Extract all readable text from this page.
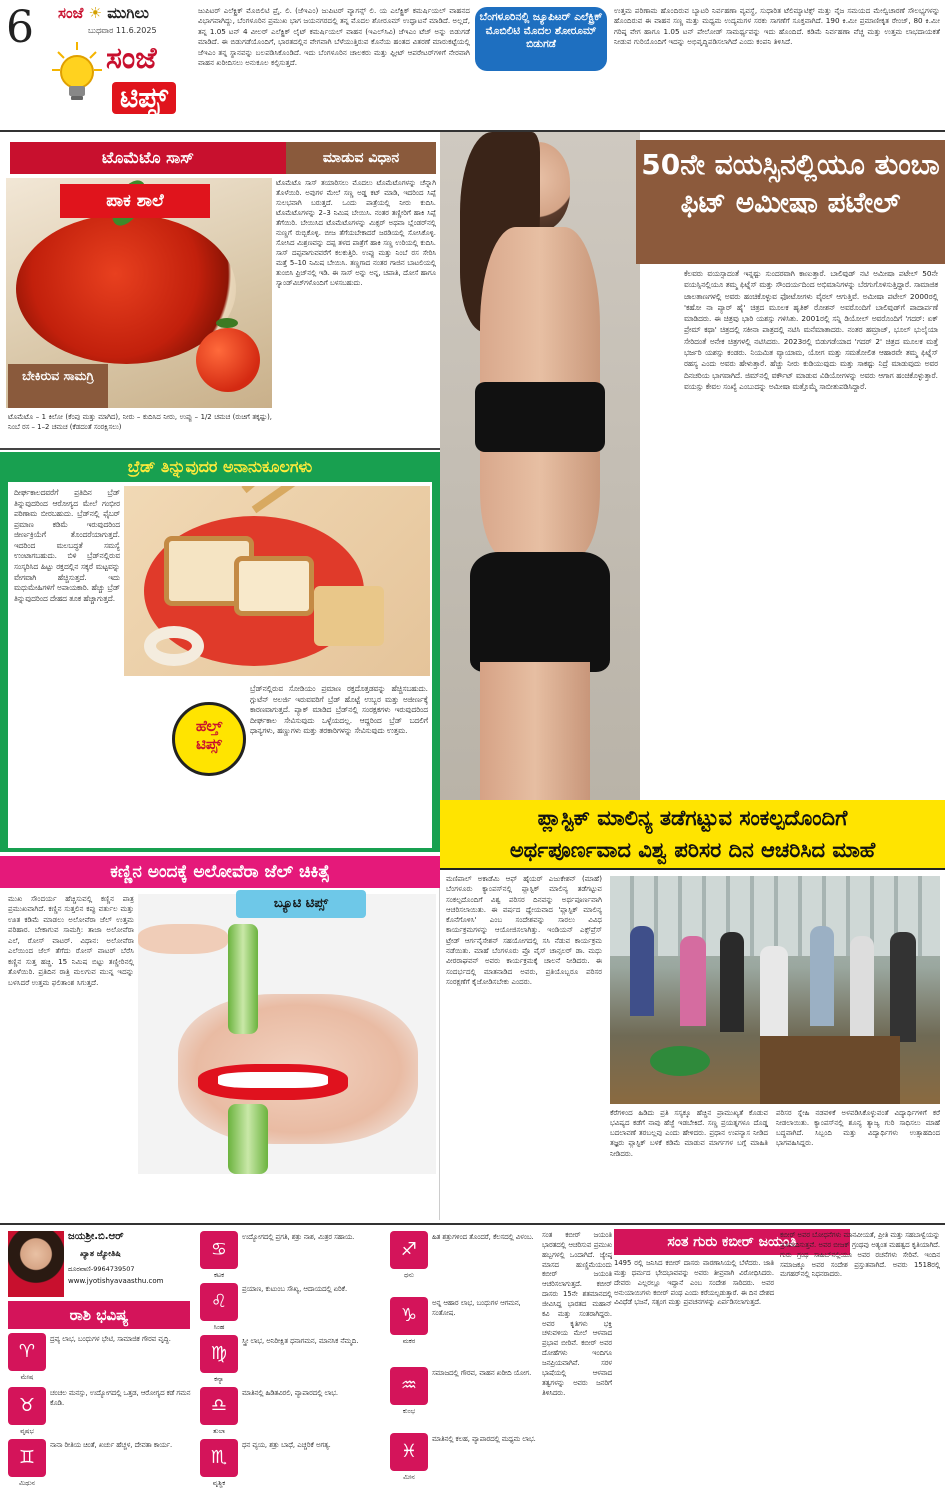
6 ಸಂಜೆ ☀ ಮುಗಿಲು
ಬುಧವಾರ 11.6.2025
ಸಂಜೆ
ಟಿಪ್ಸ್
ಜುಪಿಟರ್ ಎಲೆಕ್ಟ್ರಿಕ್ ಮೊಬಿಲಿಟಿ ಪ್ರೈ. ಲಿ. (ಜೆಇಎಂ) ಜುಪಿಟರ್ ವ್ಯಾಗನ್ಸ್ ಲಿ. ಯ ಎಲೆಕ್ಟ್ರಿಕ್ ಕಮರ್ಷಿಯಲ್ ವಾಹನದ ವಿಭಾಗವಾಗಿದ್ದು, ಬೆಂಗಳೂರಿನ ಪ್ರಮುಖ ಭಾಗ ಜಯನಗರದಲ್ಲಿ ತನ್ನ ಮೊದಲ ಶೋರೂಮ್ ಉದ್ಘಾಟನೆ ಮಾಡಿದೆ. ಅಲ್ಲದೆ, ತನ್ನ 1.05 ಟನ್ 4 ವೀಲರ್ ಎಲೆಕ್ಟ್ರಿಕ್ ಲೈಟ್ ಕಮರ್ಷಿಯಲ್ ವಾಹನ (ಇಎಲ್‌ಸಿವಿ) ಜೆಇಎಂ ಟೆಜ್ ಅನ್ನು ಬಿಡುಗಡೆ ಮಾಡಿದೆ. ಈ ಬಿಡುಗಡೆಯೊಂದಿಗೆ, ಭಾರತದಲ್ಲಿನ ವೇಗವಾಗಿ ಬೆಳೆಯುತ್ತಿರುವ ಕೊನೆಯ ಹಂತದ ವಿತರಣೆ ಮಾರುಕಟ್ಟೆಯಲ್ಲಿ ಜೆಇಎಂ ತನ್ನ ಸ್ಥಾನವನ್ನು ಬಲಪಡಿಸಿಕೊಂಡಿದೆ. ಇದು ಬೆಂಗಳೂರಿನ ಚಾಲಕರು ಮತ್ತು ಫ್ಲೀಟ್ ಆಪರೇಟರ್‌ಗಳಿಗೆ ನೇರವಾಗಿ ವಾಹನ ಖರೀದಿಸಲು ಅನುಕೂಲ ಕಲ್ಪಿಸುತ್ತದೆ.
ಬೆಂಗಳೂರಿನಲ್ಲಿ ಜ್ಯೂಪಿಟರ್ ಎಲೆಕ್ಟ್ರಿಕ್ ಮೊಬಿಲಿಟಿ ಮೊದಲ ಶೋರೂಮ್ ಬಿಡುಗಡೆ
ಉತ್ತಮ ಪರಿಣಾಮ ಹೊಂದಿರುವ ಬ್ಯಾಟರಿ ನಿರ್ವಹಣಾ ವ್ಯವಸ್ಥೆ, ಸುಧಾರಿತ ಟೆಲಿಮ್ಯಾಟಿಕ್ಸ್ ಮತ್ತು ನೈಜ ಸಮಯದ ಮೇಲ್ವಿಚಾರಣೆ ಸೌಲಭ್ಯಗಳನ್ನು ಹೊಂದಿರುವ ಈ ವಾಹನ ಸಣ್ಣ ಮತ್ತು ಮಧ್ಯಮ ಉದ್ಯಮಗಳ ಸರಕು ಸಾಗಣೆಗೆ ಸೂಕ್ತವಾಗಿದೆ. 190 ಕಿ.ಮೀ ಪ್ರಮಾಣೀಕೃತ ರೇಂಜ್, 80 ಕಿ.ಮೀ ಗರಿಷ್ಠ ವೇಗ ಹಾಗೂ 1.05 ಟನ್ ಪೇಲೋಡ್ ಸಾಮರ್ಥ್ಯವನ್ನು ಇದು ಹೊಂದಿದೆ. ಕಡಿಮೆ ನಿರ್ವಹಣಾ ವೆಚ್ಚ ಮತ್ತು ಉತ್ತಮ ಲಾಭದಾಯಕತೆ ನೀಡುವ ಗುರಿಯೊಂದಿಗೆ ಇದನ್ನು ಅಭಿವೃದ್ಧಿಪಡಿಸಲಾಗಿದೆ ಎಂದು ಕಂಪನಿ ತಿಳಿಸಿದೆ.
ಟೊಮೆಟೊ ಸಾಸ್	ಮಾಡುವ ವಿಧಾನ
ಪಾಕ ಶಾಲೆ
ಬೇಕಿರುವ ಸಾಮಗ್ರಿ
ಟೊಮೆಟೊ ಸಾಸ್ ತಯಾರಿಸಲು ಮೊದಲು ಟೊಮೆಟೊಗಳನ್ನು ಚೆನ್ನಾಗಿ ತೊಳೆಯಿರಿ. ಅವುಗಳ ಮೇಲೆ ಸಣ್ಣ ಅಡ್ಡ ಕಟ್ ಮಾಡಿ, ಇದರಿಂದ ಸಿಪ್ಪೆ ಸುಲಭವಾಗಿ ಬರುತ್ತದೆ. ಒಂದು ಪಾತ್ರೆಯಲ್ಲಿ ನೀರು ಕುದಿಸಿ. ಟೊಮೆಟೊಗಳನ್ನು 2–3 ನಿಮಿಷ ಬೇಯಿಸಿ. ನಂತರ ತಣ್ಣೀರಿಗೆ ಹಾಕಿ ಸಿಪ್ಪೆ ತೆಗೆಯಿರಿ. ಬೇಯಿಸಿದ ಟೊಮೆಟೊಗಳನ್ನು ಮಿಕ್ಸರ್ ಅಥವಾ ಬ್ಲೆಂಡರ್‌ನಲ್ಲಿ ನುಣ್ಣಗೆ ರುಬ್ಬಿಕೊಳ್ಳಿ. ಬೀಜ ತೆಗೆಯಬೇಕಾದರೆ ಜರಡಿಯಲ್ಲಿ ಸೋಸಿಕೊಳ್ಳಿ. ಸೋಸಿದ ಮಿಶ್ರಣವನ್ನು ದಪ್ಪ ತಳದ ಪಾತ್ರೆಗೆ ಹಾಕಿ ಸಣ್ಣ ಉರಿಯಲ್ಲಿ ಕುದಿಸಿ. ಸಾಸ್ ದಪ್ಪವಾಗುವವರೆಗೆ ಕಲಕುತ್ತಿರಿ. ಉಪ್ಪು ಮತ್ತು ನಿಂಬೆ ರಸ ಸೇರಿಸಿ ಮತ್ತೆ 5–10 ನಿಮಿಷ ಬೇಯಿಸಿ. ತಣ್ಣಗಾದ ನಂತರ ಗಾಜಿನ ಬಾಟಲಿಯಲ್ಲಿ ತುಂಬಿಸಿ ಫ್ರಿಜ್‌ನಲ್ಲಿ ಇಡಿ. ಈ ಸಾಸ್ ಅನ್ನು ಅನ್ನ, ಚಪಾತಿ, ದೋಸೆ ಹಾಗೂ ಸ್ಯಾಂಡ್‌ವಿಚ್‌ಗಳೊಂದಿಗೆ ಬಳಸಬಹುದು.
ಟೊಮೆಟೊ – 1 ಕಿಲೋ (ಕೆಂಪು ಮತ್ತು ಮಾಗಿದ), ನೀರು – ಕುದಿಸಿದ ನೀರು, ಉಪ್ಪು – 1/2 ಚಮಚ (ರುಚಿಗೆ ತಕ್ಕಷ್ಟು), ನಿಂಬೆ ರಸ – 1–2 ಚಮಚ (ಕೆಡದಂತೆ ಸಂರಕ್ಷಿಸಲು)
50ನೇ ವಯಸ್ಸಿನಲ್ಲಿಯೂ ತುಂಬಾ ಫಿಟ್ ಅಮೀಷಾ ಪಟೇಲ್
ಕೆಲವರು ವಯಸ್ಸಾದಂತೆ ಇನ್ನಷ್ಟು ಸುಂದರವಾಗಿ ಕಾಣುತ್ತಾರೆ. ಬಾಲಿವುಡ್ ನಟಿ ಅಮೀಷಾ ಪಟೇಲ್ 50ನೇ ವಯಸ್ಸಿನಲ್ಲಿಯೂ ತಮ್ಮ ಫಿಟ್ನೆಸ್ ಮತ್ತು ಸೌಂದರ್ಯದಿಂದ ಅಭಿಮಾನಿಗಳನ್ನು ಬೆರಗುಗೊಳಿಸುತ್ತಿದ್ದಾರೆ. ಸಾಮಾಜಿಕ ಜಾಲತಾಣಗಳಲ್ಲಿ ಅವರು ಹಂಚಿಕೊಳ್ಳುವ ಫೋಟೋಗಳು ವೈರಲ್ ಆಗುತ್ತಿವೆ. ಅಮೀಷಾ ಪಟೇಲ್ 2000ರಲ್ಲಿ 'ಕಹೋ ನಾ ಪ್ಯಾರ್ ಹೈ' ಚಿತ್ರದ ಮೂಲಕ ಹೃತಿಕ್ ರೋಶನ್ ಅವರೊಂದಿಗೆ ಬಾಲಿವುಡ್‌ಗೆ ಪಾದಾರ್ಪಣೆ ಮಾಡಿದರು. ಈ ಚಿತ್ರವು ಭಾರಿ ಯಶಸ್ಸು ಗಳಿಸಿತು. 2001ರಲ್ಲಿ ಸನ್ನಿ ಡಿಯೋಲ್ ಅವರೊಂದಿಗೆ 'ಗದರ್: ಏಕ್ ಪ್ರೇಮ್ ಕಥಾ' ಚಿತ್ರದಲ್ಲಿ ಸಕೀನಾ ಪಾತ್ರದಲ್ಲಿ ನಟಿಸಿ ಮನೆಮಾತಾದರು. ನಂತರ ಹಮ್ರಾಜ್, ಭೂಲ್ ಭುಲೈಯಾ ಸೇರಿದಂತೆ ಅನೇಕ ಚಿತ್ರಗಳಲ್ಲಿ ನಟಿಸಿದರು. 2023ರಲ್ಲಿ ಬಿಡುಗಡೆಯಾದ 'ಗದರ್ 2' ಚಿತ್ರದ ಮೂಲಕ ಮತ್ತೆ ಭರ್ಜರಿ ಯಶಸ್ಸು ಕಂಡರು. ನಿಯಮಿತ ವ್ಯಾಯಾಮ, ಯೋಗ ಮತ್ತು ಸಮತೋಲಿತ ಆಹಾರವೇ ತಮ್ಮ ಫಿಟ್ನೆಸ್ ರಹಸ್ಯ ಎಂದು ಅವರು ಹೇಳುತ್ತಾರೆ. ಹೆಚ್ಚು ನೀರು ಕುಡಿಯುವುದು ಮತ್ತು ಸಾಕಷ್ಟು ನಿದ್ರೆ ಮಾಡುವುದು ಅವರ ದಿನಚರಿಯ ಭಾಗವಾಗಿದೆ. ಜಿಮ್‌ನಲ್ಲಿ ವರ್ಕೌಟ್ ಮಾಡುವ ವಿಡಿಯೋಗಳನ್ನು ಅವರು ಆಗಾಗ ಹಂಚಿಕೊಳ್ಳುತ್ತಾರೆ. ವಯಸ್ಸು ಕೇವಲ ಸಂಖ್ಯೆ ಎಂಬುದನ್ನು ಅಮೀಷಾ ಮತ್ತೊಮ್ಮೆ ಸಾಬೀತುಪಡಿಸಿದ್ದಾರೆ.
ಬ್ರೆಡ್ ತಿನ್ನುವುದರ ಅನಾನುಕೂಲಗಳು
ದೀರ್ಘಕಾಲದವರೆಗೆ ಪ್ರತಿದಿನ ಬ್ರೆಡ್ ತಿನ್ನುವುದರಿಂದ ಆರೋಗ್ಯದ ಮೇಲೆ ಗಂಭೀರ ಪರಿಣಾಮ ಬೀರಬಹುದು. ಬ್ರೆಡ್‌ನಲ್ಲಿ ಫೈಬರ್ ಪ್ರಮಾಣ ಕಡಿಮೆ ಇರುವುದರಿಂದ ಜೀರ್ಣಕ್ರಿಯೆಗೆ ತೊಂದರೆಯಾಗುತ್ತದೆ. ಇದರಿಂದ ಮಲಬದ್ಧತೆ ಸಮಸ್ಯೆ ಉಂಟಾಗಬಹುದು. ಬಿಳಿ ಬ್ರೆಡ್‌ನಲ್ಲಿರುವ ಸಂಸ್ಕರಿಸಿದ ಹಿಟ್ಟು ರಕ್ತದಲ್ಲಿನ ಸಕ್ಕರೆ ಮಟ್ಟವನ್ನು ವೇಗವಾಗಿ ಹೆಚ್ಚಿಸುತ್ತದೆ. ಇದು ಮಧುಮೇಹಿಗಳಿಗೆ ಅಪಾಯಕಾರಿ. ಹೆಚ್ಚು ಬ್ರೆಡ್ ತಿನ್ನುವುದರಿಂದ ದೇಹದ ತೂಕ ಹೆಚ್ಚಾಗುತ್ತದೆ.
ಹೆಲ್ತ್
ಟಿಪ್ಸ್
ಬ್ರೆಡ್‌ನಲ್ಲಿರುವ ಸೋಡಿಯಂ ಪ್ರಮಾಣ ರಕ್ತದೊತ್ತಡವನ್ನು ಹೆಚ್ಚಿಸಬಹುದು. ಗ್ಲುಟೆನ್ ಅಲರ್ಜಿ ಇರುವವರಿಗೆ ಬ್ರೆಡ್ ಹೊಟ್ಟೆ ಉಬ್ಬರ ಮತ್ತು ಅಜೀರ್ಣಕ್ಕೆ ಕಾರಣವಾಗುತ್ತದೆ. ಪ್ಯಾಕ್ ಮಾಡಿದ ಬ್ರೆಡ್‌ನಲ್ಲಿ ಸಂರಕ್ಷಕಗಳು ಇರುವುದರಿಂದ ದೀರ್ಘಕಾಲ ಸೇವಿಸುವುದು ಒಳ್ಳೆಯದಲ್ಲ. ಆದ್ದರಿಂದ ಬ್ರೆಡ್ ಬದಲಿಗೆ ಧಾನ್ಯಗಳು, ಹಣ್ಣುಗಳು ಮತ್ತು ತರಕಾರಿಗಳನ್ನು ಸೇವಿಸುವುದು ಉತ್ತಮ.
ಕಣ್ಣಿನ ಅಂದಕ್ಕೆ ಅಲೋವೆರಾ ಜೆಲ್ ಚಿಕಿತ್ಸೆ
ಮುಖ ಸೌಂದರ್ಯ ಹೆಚ್ಚಿಸುವಲ್ಲಿ ಕಣ್ಣಿನ ಪಾತ್ರ ಪ್ರಮುಖವಾಗಿದೆ. ಕಣ್ಣಿನ ಸುತ್ತಲಿನ ಕಪ್ಪು ವರ್ತುಲ ಮತ್ತು ಊತ ಕಡಿಮೆ ಮಾಡಲು ಅಲೋವೆರಾ ಜೆಲ್ ಉತ್ತಮ ಪರಿಹಾರ. ಬೇಕಾಗುವ ಸಾಮಗ್ರಿ: ತಾಜಾ ಅಲೋವೆರಾ ಎಲೆ, ರೋಸ್ ವಾಟರ್. ವಿಧಾನ: ಅಲೋವೆರಾ ಎಲೆಯಿಂದ ಜೆಲ್ ತೆಗೆದು ರೋಸ್ ವಾಟರ್ ಬೆರೆಸಿ ಕಣ್ಣಿನ ಸುತ್ತ ಹಚ್ಚಿ. 15 ನಿಮಿಷ ಬಿಟ್ಟು ತಣ್ಣೀರಿನಲ್ಲಿ ತೊಳೆಯಿರಿ. ಪ್ರತಿದಿನ ರಾತ್ರಿ ಮಲಗುವ ಮುನ್ನ ಇದನ್ನು ಬಳಸಿದರೆ ಉತ್ತಮ ಫಲಿತಾಂಶ ಸಿಗುತ್ತದೆ.
ಬ್ಯೂಟಿ ಟಿಪ್ಸ್
ಪ್ಲಾಸ್ಟಿಕ್ ಮಾಲಿನ್ಯ ತಡೆಗಟ್ಟುವ ಸಂಕಲ್ಪದೊಂದಿಗೆ
ಅರ್ಥಪೂರ್ಣವಾದ ವಿಶ್ವ ಪರಿಸರ ದಿನ ಆಚರಿಸಿದ ಮಾಹೆ
ಮಣಿಪಾಲ್ ಅಕಾಡೆಮಿ ಆಫ್ ಹೈಯರ್ ಎಜುಕೇಶನ್ (ಮಾಹೆ) ಬೆಂಗಳೂರು ಕ್ಯಾಂಪಸ್‌ನಲ್ಲಿ ಪ್ಲಾಸ್ಟಿಕ್ ಮಾಲಿನ್ಯ ತಡೆಗಟ್ಟುವ ಸಂಕಲ್ಪದೊಂದಿಗೆ ವಿಶ್ವ ಪರಿಸರ ದಿನವನ್ನು ಅರ್ಥಪೂರ್ಣವಾಗಿ ಆಚರಿಸಲಾಯಿತು. ಈ ವರ್ಷದ ಧ್ಯೇಯವಾದ 'ಪ್ಲಾಸ್ಟಿಕ್ ಮಾಲಿನ್ಯ ಕೊನೆಗೊಳಿಸಿ' ಎಂಬ ಸಂದೇಶವನ್ನು ಸಾರಲು ವಿವಿಧ ಕಾರ್ಯಕ್ರಮಗಳನ್ನು ಆಯೋಜಿಸಲಾಗಿತ್ತು. ಇಂಡಿಯನ್ ಎಕ್ಸ್‌ಪ್ರೆಸ್ ಟ್ರೇಡ್ ಆರ್ಗನೈಸೇಶನ್ ಸಹಯೋಗದಲ್ಲಿ ಸಸಿ ನೆಡುವ ಕಾರ್ಯಕ್ರಮ ನಡೆಯಿತು. ಮಾಹೆ ಬೆಂಗಳೂರು ಪ್ರೊ ವೈಸ್ ಚಾನ್ಸಲರ್ ಡಾ. ಮಧು ವೀರರಾಘವನ್ ಅವರು ಕಾರ್ಯಕ್ರಮಕ್ಕೆ ಚಾಲನೆ ನೀಡಿದರು. ಈ ಸಂದರ್ಭದಲ್ಲಿ ಮಾತನಾಡಿದ ಅವರು, ಪ್ರತಿಯೊಬ್ಬರೂ ಪರಿಸರ ಸಂರಕ್ಷಣೆಗೆ ಕೈಜೋಡಿಸಬೇಕು ಎಂದರು.
ಕೆರೆಗಳಿಂದ ಹಿಡಿದು ಪ್ರತಿ ಸಸ್ಯಕ್ಕೂ ಹೆಚ್ಚಿನ ಪ್ರಾಮುಖ್ಯತೆ ಕೊಡುವ ಭವಿಷ್ಯದ ಕಡೆಗೆ ನಾವು ಹೆಜ್ಜೆ ಇಡಬೇಕಿದೆ. ಸಣ್ಣ ಪ್ರಯತ್ನಗಳೂ ದೊಡ್ಡ ಬದಲಾವಣೆ ತರಬಲ್ಲವು ಎಂದು ಹೇಳಿದರು. ಪ್ರಧಾನ ಉಪನ್ಯಾಸ ನೀಡಿದ ತಜ್ಞರು ಪ್ಲಾಸ್ಟಿಕ್ ಬಳಕೆ ಕಡಿಮೆ ಮಾಡುವ ಮಾರ್ಗಗಳ ಬಗ್ಗೆ ಮಾಹಿತಿ ನೀಡಿದರು.
ಪರಿಸರ ಸ್ನೇಹಿ ನಡವಳಿಕೆ ಅಳವಡಿಸಿಕೊಳ್ಳುವಂತೆ ವಿದ್ಯಾರ್ಥಿಗಳಿಗೆ ಕರೆ ನೀಡಲಾಯಿತು. ಕ್ಯಾಂಪಸ್‌ನಲ್ಲಿ ಶೂನ್ಯ ತ್ಯಾಜ್ಯ ಗುರಿ ಸಾಧಿಸಲು ಮಾಹೆ ಬದ್ಧವಾಗಿದೆ. ಸಿಬ್ಬಂದಿ ಮತ್ತು ವಿದ್ಯಾರ್ಥಿಗಳು ಉತ್ಸಾಹದಿಂದ ಭಾಗವಹಿಸಿದ್ದರು.
ಜಯಶ್ರೀ.ಬಿ.ಆರ್
ಖ್ಯಾತ ಜ್ಯೋತಿಷಿ
ದೂರವಾಣಿ-9964739507
www.jyotishyavaasthu.com
ರಾಶಿ ಭವಿಷ್ಯ
♈
ಮೇಷ
ದ್ರವ್ಯ ಲಾಭ, ಬಂಧುಗಳ ಭೇಟಿ, ಸಾಮಾಜಿಕ ಗೌರವ ವೃದ್ಧಿ.
♉
ವೃಷಭ
ಚಂಚಲ ಮನಸ್ಸು, ಉದ್ಯೋಗದಲ್ಲಿ ಒತ್ತಡ, ಆರೋಗ್ಯದ ಕಡೆ ಗಮನ ಕೊಡಿ.
♊
ಮಿಥುನ
ನಾನಾ ರೀತಿಯ ಚಿಂತೆ, ಖರ್ಚು ಹೆಚ್ಚಳ, ದೇವತಾ ಕಾರ್ಯ.
♋
ಕಟಕ
ಉದ್ಯೋಗದಲ್ಲಿ ಪ್ರಗತಿ, ಶತ್ರು ನಾಶ, ಮಿತ್ರರ ಸಹಾಯ.
♌
ಸಿಂಹ
ಪ್ರಯಾಣ, ಕುಟುಂಬ ಸೌಖ್ಯ, ಆದಾಯದಲ್ಲಿ ಏರಿಕೆ.
♍
ಕನ್ಯಾ
ಸ್ತ್ರೀ ಲಾಭ, ಅನಿರೀಕ್ಷಿತ ಧನಾಗಮನ, ಮಾನಸಿಕ ನೆಮ್ಮದಿ.
♎
ತುಲಾ
ಮಾತಿನಲ್ಲಿ ಹಿಡಿತವಿರಲಿ, ವ್ಯಾಪಾರದಲ್ಲಿ ಲಾಭ.
♏
ವೃಶ್ಚಿಕ
ಧನ ವ್ಯಯ, ಶತ್ರು ಬಾಧೆ, ಎಚ್ಚರಿಕೆ ಅಗತ್ಯ.
♐
ಧನು
ಹಿತ ಶತ್ರುಗಳಿಂದ ತೊಂದರೆ, ಕೆಲಸದಲ್ಲಿ ವಿಳಂಬ.
♑
ಮಕರ
ಅನ್ನ ಆಹಾರ ಲಾಭ, ಬಂಧುಗಳ ಆಗಮನ, ಸಂತೋಷ.
♒
ಕುಂಭ
ಸಮಾಜದಲ್ಲಿ ಗೌರವ, ವಾಹನ ಖರೀದಿ ಯೋಗ.
♓
ಮೀನ
ಮಾತಿನಲ್ಲಿ ಕಲಹ, ವ್ಯಾಪಾರದಲ್ಲಿ ಮಧ್ಯಮ ಲಾಭ.
ಸಂತ ಕಬೀರ್ ಜಯಂತಿ ಭಾರತದಲ್ಲಿ ಆಚರಿಸುವ ಪ್ರಮುಖ ಹಬ್ಬಗಳಲ್ಲಿ ಒಂದಾಗಿದೆ. ಜ್ಯೇಷ್ಠ ಮಾಸದ ಹುಣ್ಣಿಮೆಯಂದು ಕಬೀರ್ ಜಯಂತಿ ಆಚರಿಸಲಾಗುತ್ತದೆ. ಕಬೀರ್ ದಾಸರು 15ನೇ ಶತಮಾನದಲ್ಲಿ ಜೀವಿಸಿದ್ದ ಭಾರತದ ಮಹಾನ್ ಕವಿ ಮತ್ತು ಸಂತರಾಗಿದ್ದರು. ಅವರ ಕೃತಿಗಳು ಭಕ್ತಿ ಚಳುವಳಿಯ ಮೇಲೆ ಆಳವಾದ ಪ್ರಭಾವ ಬೀರಿವೆ. ಕಬೀರ್ ಅವರ ದೋಹೆಗಳು ಇಂದಿಗೂ ಜನಪ್ರಿಯವಾಗಿವೆ. ಸರಳ ಭಾಷೆಯಲ್ಲಿ ಆಳವಾದ ತತ್ವಗಳನ್ನು ಅವರು ಜನರಿಗೆ ತಿಳಿಸಿದರು.
ಸಂತ ಗುರು ಕಬೀರ್ ಜಯಂತಿ
1495 ರಲ್ಲಿ ಜನಿಸಿದ ಕಬೀರ್ ದಾಸರು ವಾರಣಾಸಿಯಲ್ಲಿ ಬೆಳೆದರು. ಜಾತಿ ಮತ್ತು ಧರ್ಮದ ಭೇದಭಾವವನ್ನು ಅವರು ತೀವ್ರವಾಗಿ ವಿರೋಧಿಸಿದರು. ದೇವರು ಎಲ್ಲರಲ್ಲೂ ಇದ್ದಾನೆ ಎಂಬ ಸಂದೇಶ ಸಾರಿದರು. ಅವರ ಅನುಯಾಯಿಗಳು ಕಬೀರ್ ಪಂಥ ಎಂದು ಕರೆಯಲ್ಪಡುತ್ತಾರೆ. ಈ ದಿನ ದೇಶದ ವಿವಿಧೆಡೆ ಭಜನೆ, ಸತ್ಸಂಗ ಮತ್ತು ಪ್ರವಚನಗಳನ್ನು ಏರ್ಪಡಿಸಲಾಗುತ್ತದೆ.
ಕಬೀರ್ ಅವರ ಬೋಧನೆಗಳು ಮಾನವೀಯತೆ, ಪ್ರೀತಿ ಮತ್ತು ಸಹಬಾಳ್ವೆಯನ್ನು ಪ್ರತಿಪಾದಿಸುತ್ತವೆ. ಅವರ ಬೀಜಕ್ ಗ್ರಂಥವು ಅತ್ಯಂತ ಮಹತ್ವದ ಕೃತಿಯಾಗಿದೆ. ಗುರು ಗ್ರಂಥ ಸಾಹಿಬ್‌ನಲ್ಲಿಯೂ ಅವರ ರಚನೆಗಳು ಸೇರಿವೆ. ಇಂದಿನ ಸಮಾಜಕ್ಕೂ ಅವರ ಸಂದೇಶ ಪ್ರಸ್ತುತವಾಗಿದೆ. ಅವರು 1518ರಲ್ಲಿ ಮಗಹರ್‌ನಲ್ಲಿ ನಿಧನರಾದರು.
